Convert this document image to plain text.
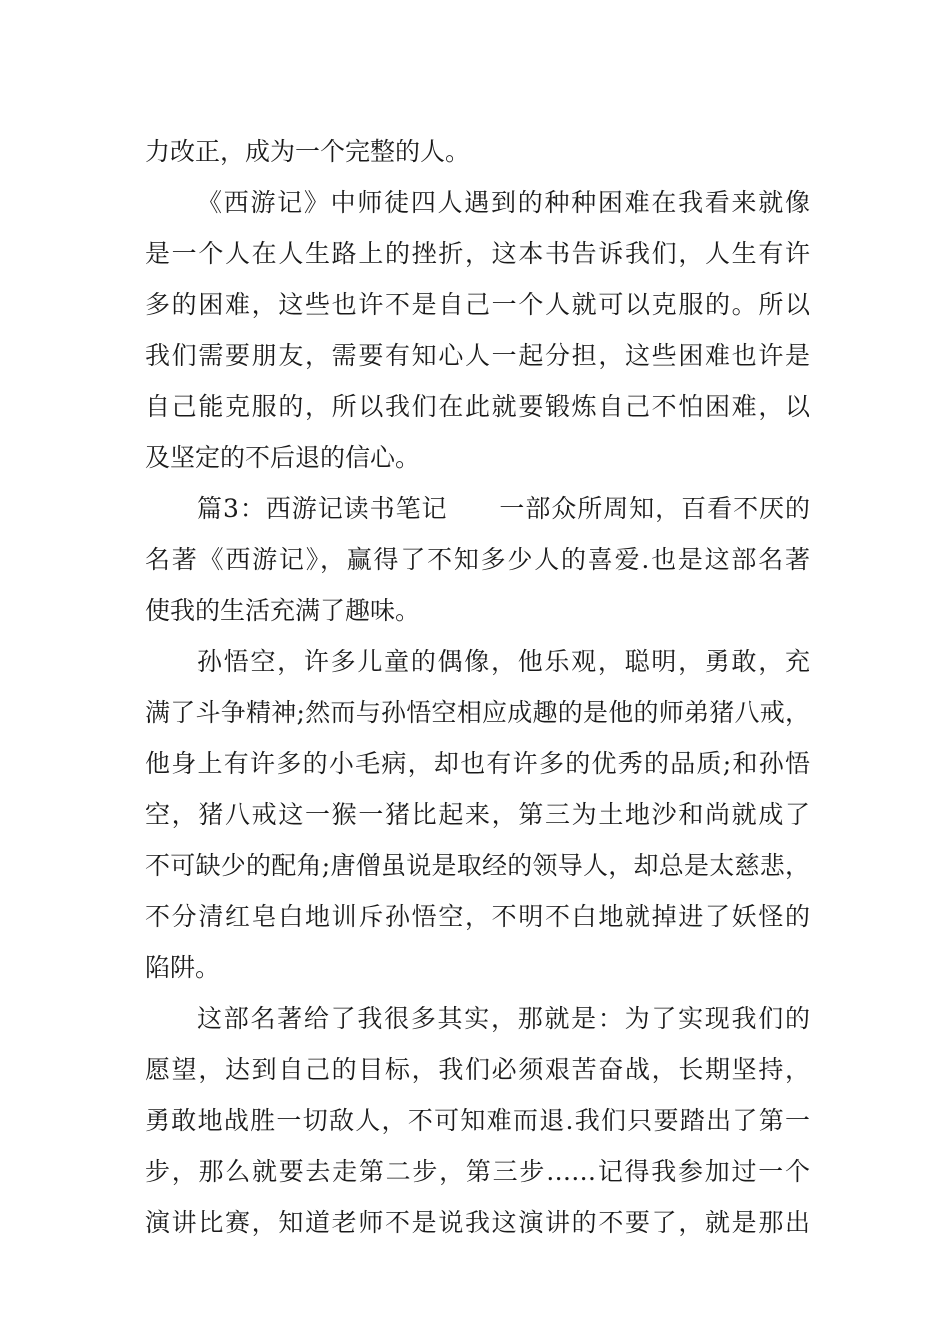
力改正，成为一个完整的人。
《西游记》中师徒四人遇到的种种困难在我看来就像
是一个人在人生路上的挫折，这本书告诉我们，人生有许
多的困难，这些也许不是自己一个人就可以克服的。所以
我们需要朋友，需要有知心人一起分担，这些困难也许是
自己能克服的，所以我们在此就要锻炼自己不怕困难，以
及坚定的不后退的信心。
篇3：西游记读书笔记　　一部众所周知，百看不厌的
名著《西游记》，赢得了不知多少人的喜爱.也是这部名著
使我的生活充满了趣味。
孙悟空，许多儿童的偶像，他乐观，聪明，勇敢，充
满了斗争精神;然而与孙悟空相应成趣的是他的师弟猪八戒，
他身上有许多的小毛病，却也有许多的优秀的品质;和孙悟
空，猪八戒这一猴一猪比起来，第三为土地沙和尚就成了
不可缺少的配角;唐僧虽说是取经的领导人，却总是太慈悲，
不分清红皂白地训斥孙悟空，不明不白地就掉进了妖怪的
陷阱。
这部名著给了我很多其实，那就是：为了实现我们的
愿望，达到自己的目标，我们必须艰苦奋战，长期坚持，
勇敢地战胜一切敌人，不可知难而退.我们只要踏出了第一
步，那么就要去走第二步，第三步……记得我参加过一个
演讲比赛，知道老师不是说我这演讲的不要了，就是那出
